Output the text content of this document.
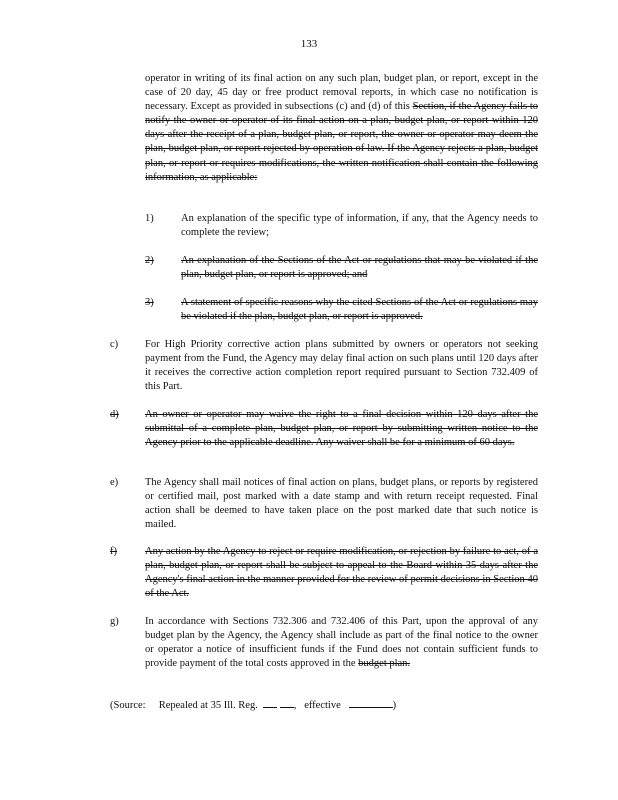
133
operator in writing of its final action on any such plan, budget plan, or report, except in the case of 20 day, 45 day or free product removal reports, in which case no notification is necessary. Except as provided in subsections (c) and (d) of this Section, if the Agency fails to notify the owner or operator of its final action on a plan, budget plan, or report within 120 days after the receipt of a plan, budget plan, or report, the owner or operator may deem the plan, budget plan, or report rejected by operation of law. If the Agency rejects a plan, budget plan, or report or requires modifications, the written notification shall contain the following information, as applicable:
1)	An explanation of the specific type of information, if any, that the Agency needs to complete the review;
2)	An explanation of the Sections of the Act or regulations that may be violated if the plan, budget plan, or report is approved; and
3)	A statement of specific reasons why the cited Sections of the Act or regulations may be violated if the plan, budget plan, or report is approved.
c)	For High Priority corrective action plans submitted by owners or operators not seeking payment from the Fund, the Agency may delay final action on such plans until 120 days after it receives the corrective action completion report required pursuant to Section 732.409 of this Part.
d)	An owner or operator may waive the right to a final decision within 120 days after the submittal of a complete plan, budget plan, or report by submitting written notice to the Agency prior to the applicable deadline. Any waiver shall be for a minimum of 60 days.
e)	The Agency shall mail notices of final action on plans, budget plans, or reports by registered or certified mail, post marked with a date stamp and with return receipt requested. Final action shall be deemed to have taken place on the post marked date that such notice is mailed.
f)	Any action by the Agency to reject or require modification, or rejection by failure to act, of a plan, budget plan, or report shall be subject to appeal to the Board within 35 days after the Agency's final action in the manner provided for the review of permit decisions in Section 40 of the Act.
g)	In accordance with Sections 732.306 and 732.406 of this Part, upon the approval of any budget plan by the Agency, the Agency shall include as part of the final notice to the owner or operator a notice of insufficient funds if the Fund does not contain sufficient funds to provide payment of the total costs approved in the budget plan.
(Source: Repealed at 35 Ill. Reg.	, effective	)
